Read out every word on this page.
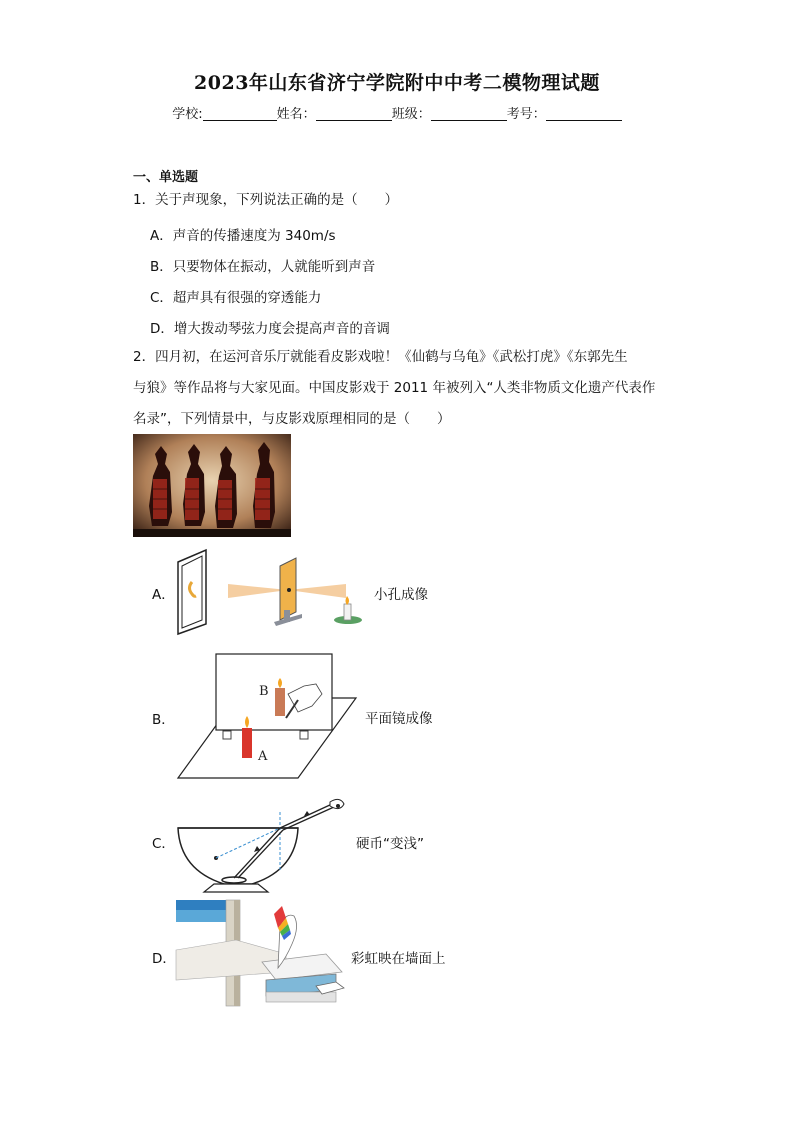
2023年山东省济宁学院附中中考二模物理试题
学校:	姓名：	班级：	考号：
一、单选题
1．关于声现象，下列说法正确的是（　　）
A．声音的传播速度为 340m/s
B．只要物体在振动，人就能听到声音
C．超声具有很强的穿透能力
D．增大拨动琴弦力度会提高声音的音调
2．四月初，在运河音乐厅就能看皮影戏啦！《仙鹤与乌龟》《武松打虎》《东郭先生
与狼》等作品将与大家见面。中国皮影戏于 2011 年被列入“人类非物质文化遗产代表作
名录”，下列情景中，与皮影戏原理相同的是（　　）
A．	小孔成像
B．
B
A
平面镜成像
C．	硬币“变浅”
D．	彩虹映在墙面上
